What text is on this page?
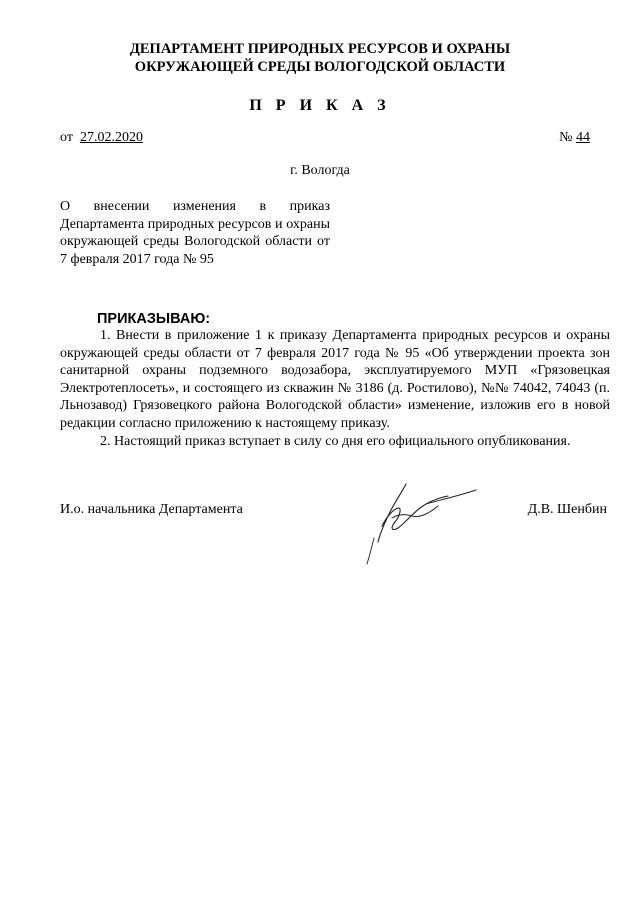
ДЕПАРТАМЕНТ ПРИРОДНЫХ РЕСУРСОВ И ОХРАНЫ
ОКРУЖАЮЩЕЙ СРЕДЫ ВОЛОГОДСКОЙ ОБЛАСТИ
П Р И К А З
от 27.02.2020	№ 44
г. Вологда
О внесении изменения в приказ Департамента природных ресурсов и охраны окружающей среды Вологодской области от 7 февраля 2017 года № 95
ПРИКАЗЫВАЮ:

1. Внести в приложение 1 к приказу Департамента природных ресурсов и охраны окружающей среды области от 7 февраля 2017 года № 95 «Об утверждении проекта зон санитарной охраны подземного водозабора, эксплуатируемого МУП «Грязовецкая Электротеплосеть», и состоящего из скважин № 3186 (д. Ростилово), №№ 74042, 74043 (п. Льнозавод) Грязовецкого района Вологодской области» изменение, изложив его в новой редакции согласно приложению к настоящему приказу.

2. Настоящий приказ вступает в силу со дня его официального опубликования.

И.о. начальника Департамента	Д.В. Шенбин
